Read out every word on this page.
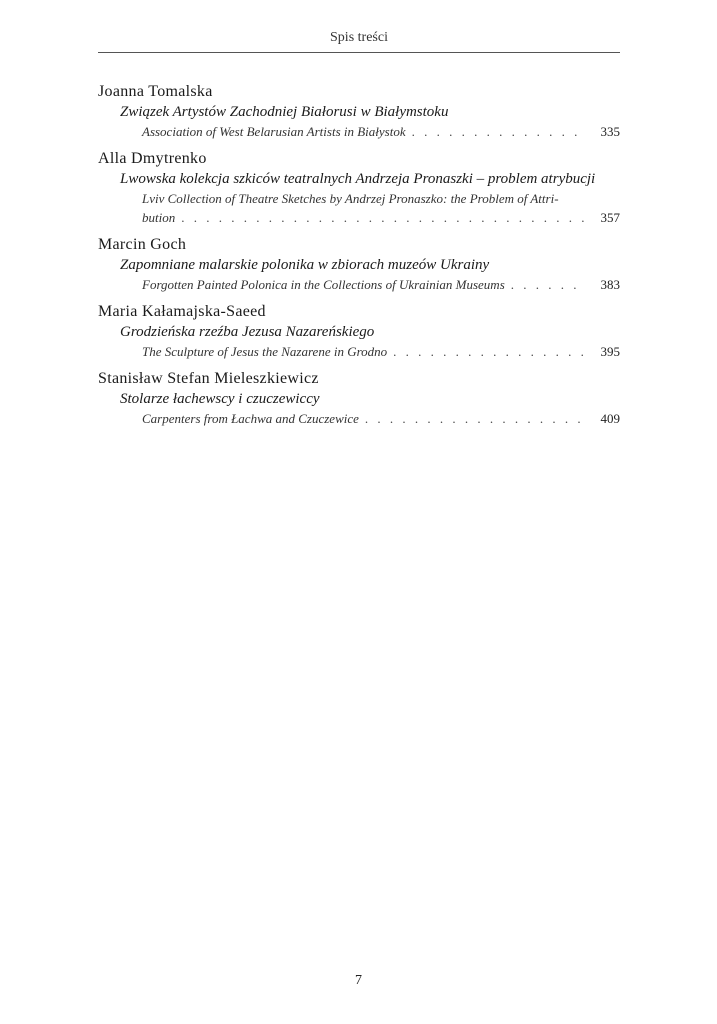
Spis treści
Joanna Tomalska
Związek Artystów Zachodniej Białorusi w Białymstoku
Association of West Belarusian Artists in Białystok . . .	335
Alla Dmytrenko
Lwowska kolekcja szkiców teatralnych Andrzeja Pronaszki – problem atrybucji
Lviv Collection of Theatre Sketches by Andrzej Pronaszko: the Problem of Attri-
bution . . .	357
Marcin Goch
Zapomniane malarskie polonika w zbiorach muzeów Ukrainy
Forgotten Painted Polonica in the Collections of Ukrainian Museums . . .	383
Maria Kałamajska-Saeed
Grodzieńska rzeźba Jezusa Nazareńskiego
The Sculpture of Jesus the Nazarene in Grodno . . .	395
Stanisław Stefan Mieleszkiewicz
Stolarze łachewscy i czuczewiccy
Carpenters from Łachwa and Czuczewice . . .	409
7
